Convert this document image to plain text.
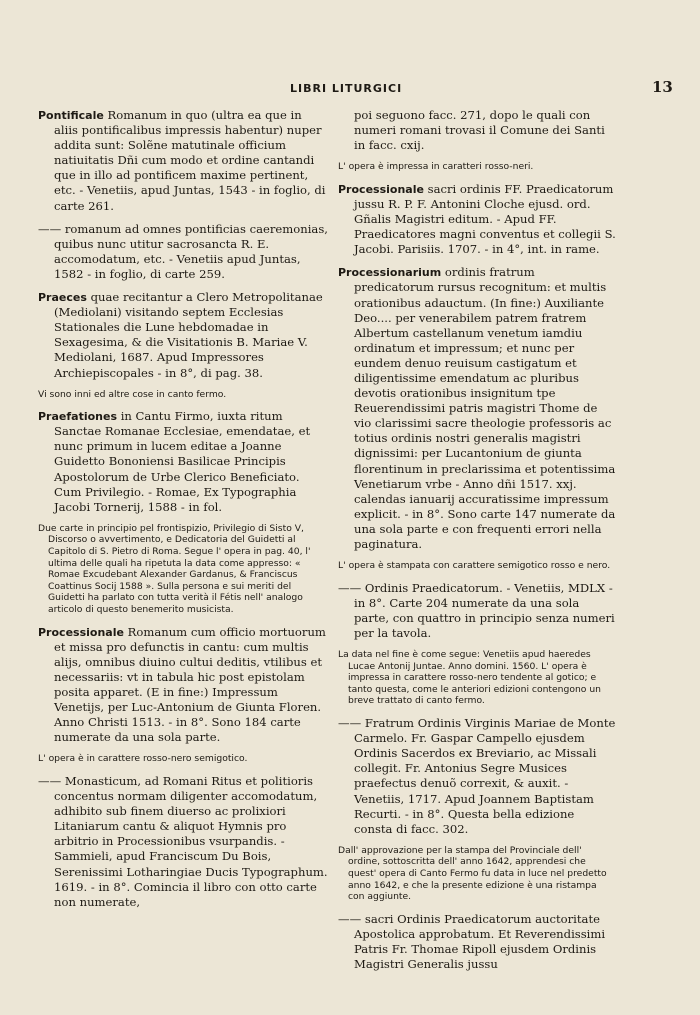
LIBRI LITURGICI	13
Pontificale Romanum in quo (ultra ea que in aliis pontificalibus impressis habentur) nuper addita sunt: Solẽne matutinale officium natiuitatis Dñi cum modo et ordine cantandi que in illo ad pontificem maxime pertinent, etc. - Venetiis, apud Juntas, 1543 - in foglio, di carte 261.
—— romanum ad omnes pontificias caeremonias, quibus nunc utitur sacrosancta R. E. accomodatum, etc. - Venetiis apud Juntas, 1582 - in foglio, di carte 259.
Praeces quae recitantur a Clero Metropolitanae (Mediolani) visitando septem Ecclesias Stationales die Lune hebdomadae in Sexagesima, & die Visitationis B. Mariae V. Mediolani, 1687. Apud Impressores Archiepiscopales - in 8°, di pag. 38.
Vi sono inni ed altre cose in canto fermo.
Praefationes in Cantu Firmo, iuxta ritum Sanctae Romanae Ecclesiae, emendatae, et nunc primum in lucem editae a Joanne Guidetto Bononiensi Basilicae Principis Apostolorum de Urbe Clerico Beneficiato. Cum Privilegio. - Romae, Ex Typographia Jacobi Tornerij, 1588 - in fol.
Due carte in principio pel frontispizio, Privilegio di Sisto V, Discorso o avvertimento, e Dedicatoria del Guidetti al Capitolo di S. Pietro di Roma. Segue l' opera in pag. 40, l' ultima delle quali ha ripetuta la data come appresso: « Romae Excudebant Alexander Gardanus, & Franciscus Coattinus Socij 1588 ». Sulla persona e sui meriti del Guidetti ha parlato con tutta verità il Fétis nell' analogo articolo di questo benemerito musicista.
Processionale Romanum cum officio mortuorum et missa pro defunctis in cantu: cum multis alijs, omnibus diuino cultui deditis, vtilibus et necessariis: vt in tabula hic post epistolam posita apparet. (E in fine:) Impressum Venetijs, per Luc-Antonium de Giunta Floren. Anno Christi 1513. - in 8°. Sono 184 carte numerate da una sola parte.
L' opera è in carattere rosso-nero semigotico.
—— Monasticum, ad Romani Ritus et politioris concentus normam diligenter accomodatum, adhibito sub finem diuerso ac prolixiori Litaniarum cantu & aliquot Hymnis pro arbitrio in Processionibus vsurpandis. - Sammieli, apud Franciscum Du Bois, Serenissimi Lotharingiae Ducis Typographum. 1619. - in 8°. Comincia il libro con otto carte non numerate,
poi seguono facc. 271, dopo le quali con numeri romani trovasi il Comune dei Santi in facc. cxij.
L' opera è impressa in caratteri rosso-neri.
Processionale sacri ordinis FF. Praedicatorum jussu R. P. F. Antonini Cloche ejusd. ord. Gñalis Magistri editum. - Apud FF. Praedicatores magni conventus et collegii S. Jacobi. Parisiis. 1707. - in 4°, int. in rame.
Processionarium ordinis fratrum predicatorum rursus recognitum: et multis orationibus adauctum. (In fine:) Auxiliante Deo.... per venerabilem patrem fratrem Albertum castellanum venetum iamdiu ordinatum et impressum; et nunc per eundem denuo reuisum castigatum et diligentissime emendatum ac pluribus devotis orationibus insignitum tpe Reuerendissimi patris magistri Thome de vio clarissimi sacre theologie professoris ac totius ordinis nostri generalis magistri dignissimi: per Lucantonium de giunta florentinum in preclarissima et potentissima Venetiarum vrbe - Anno dñi 1517. xxj. calendas ianuarij accuratissime impressum explicit. - in 8°. Sono carte 147 numerate da una sola parte e con frequenti errori nella paginatura.
L' opera è stampata con carattere semigotico rosso e nero.
—— Ordinis Praedicatorum. - Venetiis, MDLX - in 8°. Carte 204 numerate da una sola parte, con quattro in principio senza numeri per la tavola.
La data nel fine è come segue: Venetiis apud haeredes Lucae Antonij Juntae. Anno domini. 1560. L' opera è impressa in carattere rosso-nero tendente al gotico; e tanto questa, come le anteriori edizioni contengono un breve trattato di canto fermo.
—— Fratrum Ordinis Virginis Mariae de Monte Carmelo. Fr. Gaspar Campello ejusdem Ordinis Sacerdos ex Breviario, ac Missali collegit. Fr. Antonius Segre Musices praefectus denuõ correxit, & auxit. - Venetiis, 1717. Apud Joannem Baptistam Recurti. - in 8°. Questa bella edizione consta di facc. 302.
Dall' approvazione per la stampa del Provinciale dell' ordine, sottoscritta dell' anno 1642, apprendesi che quest' opera di Canto Fermo fu data in luce nel predetto anno 1642, e che la presente edizione è una ristampa con aggiunte.
—— sacri Ordinis Praedicatorum auctoritate Apostolica approbatum. Et Reverendissimi Patris Fr. Thomae Ripoll ejusdem Ordinis Magistri Generalis jussu
